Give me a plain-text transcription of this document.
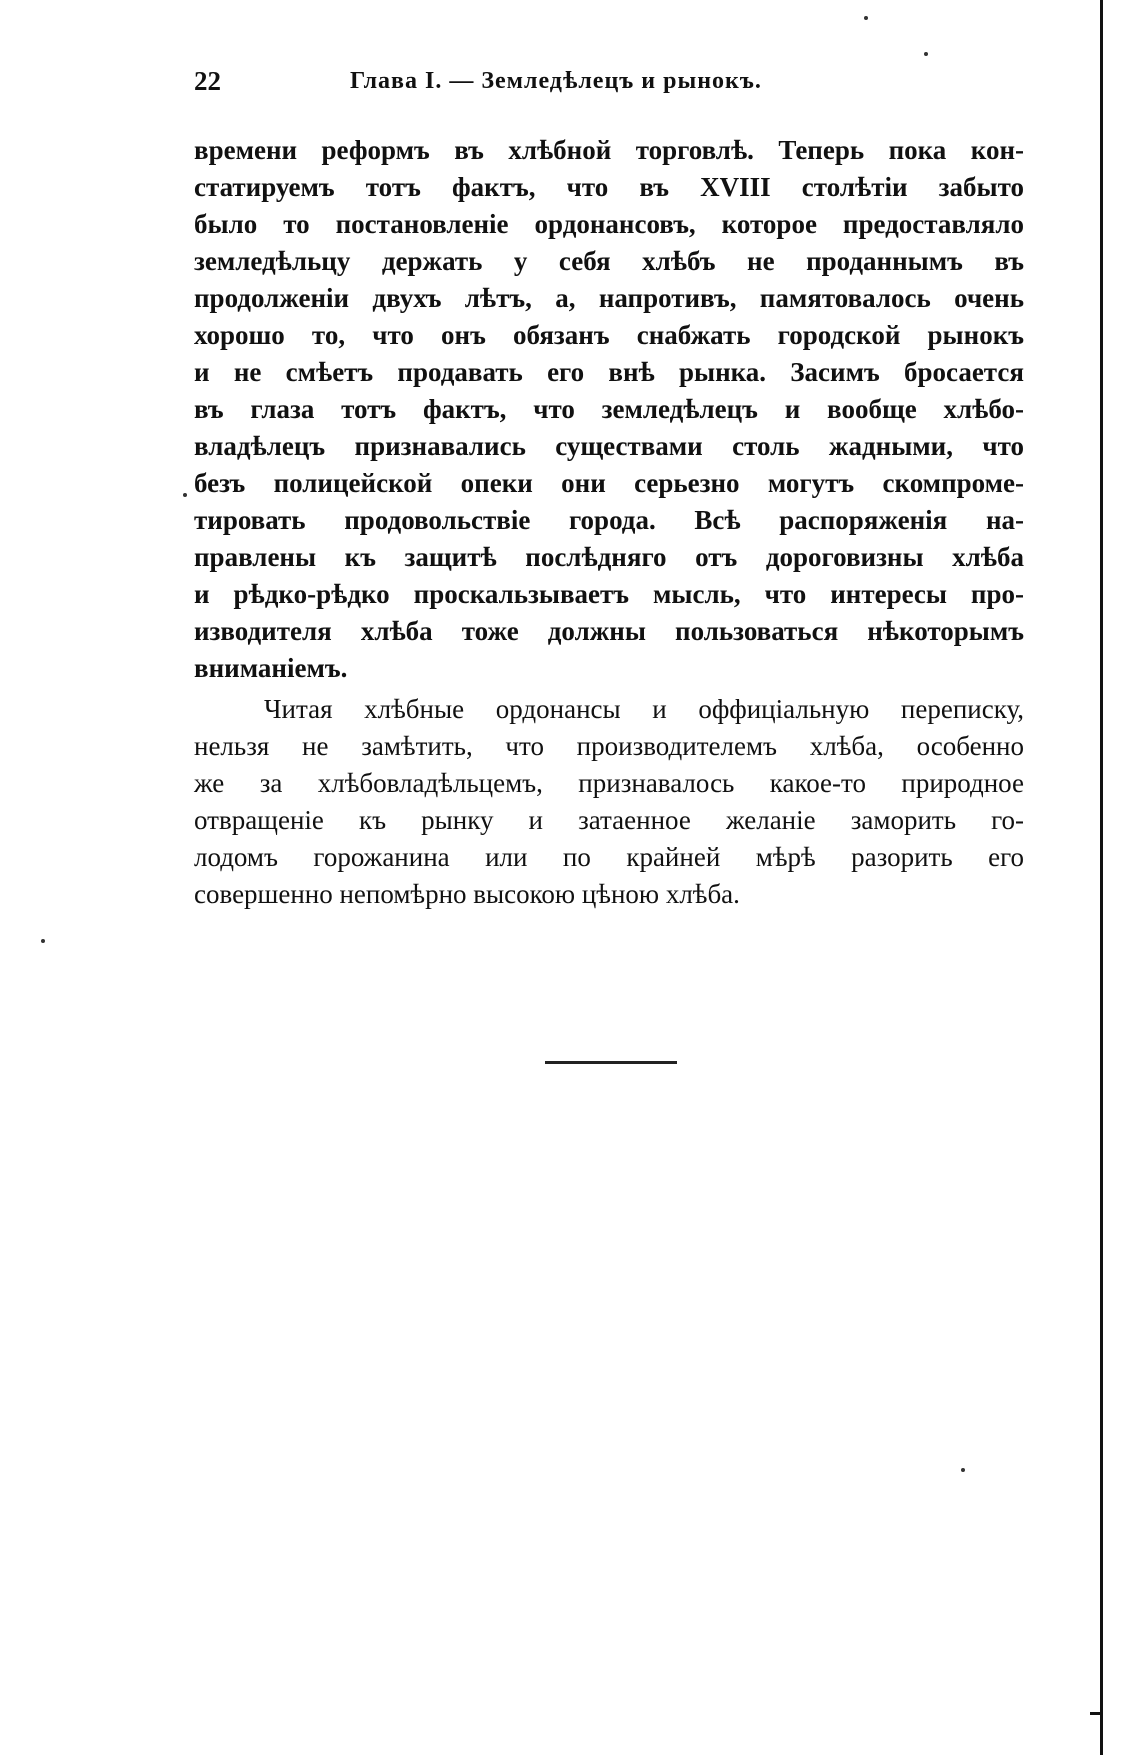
22	Глава I. — Земледѣлецъ и рынокъ.
времени реформъ въ хлѣбной торговлѣ. Теперь пока кон-
статируемъ тотъ фактъ, что въ XVIII столѣтіи забыто
было то постановленіе ордонансовъ, которое предоставляло
земледѣльцу держать у себя хлѣбъ не проданнымъ въ
продолженіи двухъ лѣтъ, а, напротивъ, памятовалось очень
хорошо то, что онъ обязанъ снабжать городской рынокъ
и не смѣетъ продавать его внѣ рынка. Засимъ бросается
въ глаза тотъ фактъ, что земледѣлецъ и вообще хлѣбо-
владѣлецъ признавались существами столь жадными, что
безъ полицейской опеки они серьезно могутъ скомпроме-
тировать продовольствіе города. Всѣ распоряженія на-
правлены къ защитѣ послѣдняго отъ дороговизны хлѣба
и рѣдко-рѣдко проскальзываетъ мысль, что интересы про-
изводителя хлѣба тоже должны пользоваться нѣкоторымъ
вниманіемъ.
Читая хлѣбные ордонансы и оффиціальную переписку,
нельзя не замѣтить, что производителемъ хлѣба, особенно
же за хлѣбовладѣльцемъ, признавалось какое-то природное
отвращеніе къ рынку и затаенное желаніе заморить го-
лодомъ горожанина или по крайней мѣрѣ разорить его
совершенно непомѣрно высокою цѣною хлѣба.
